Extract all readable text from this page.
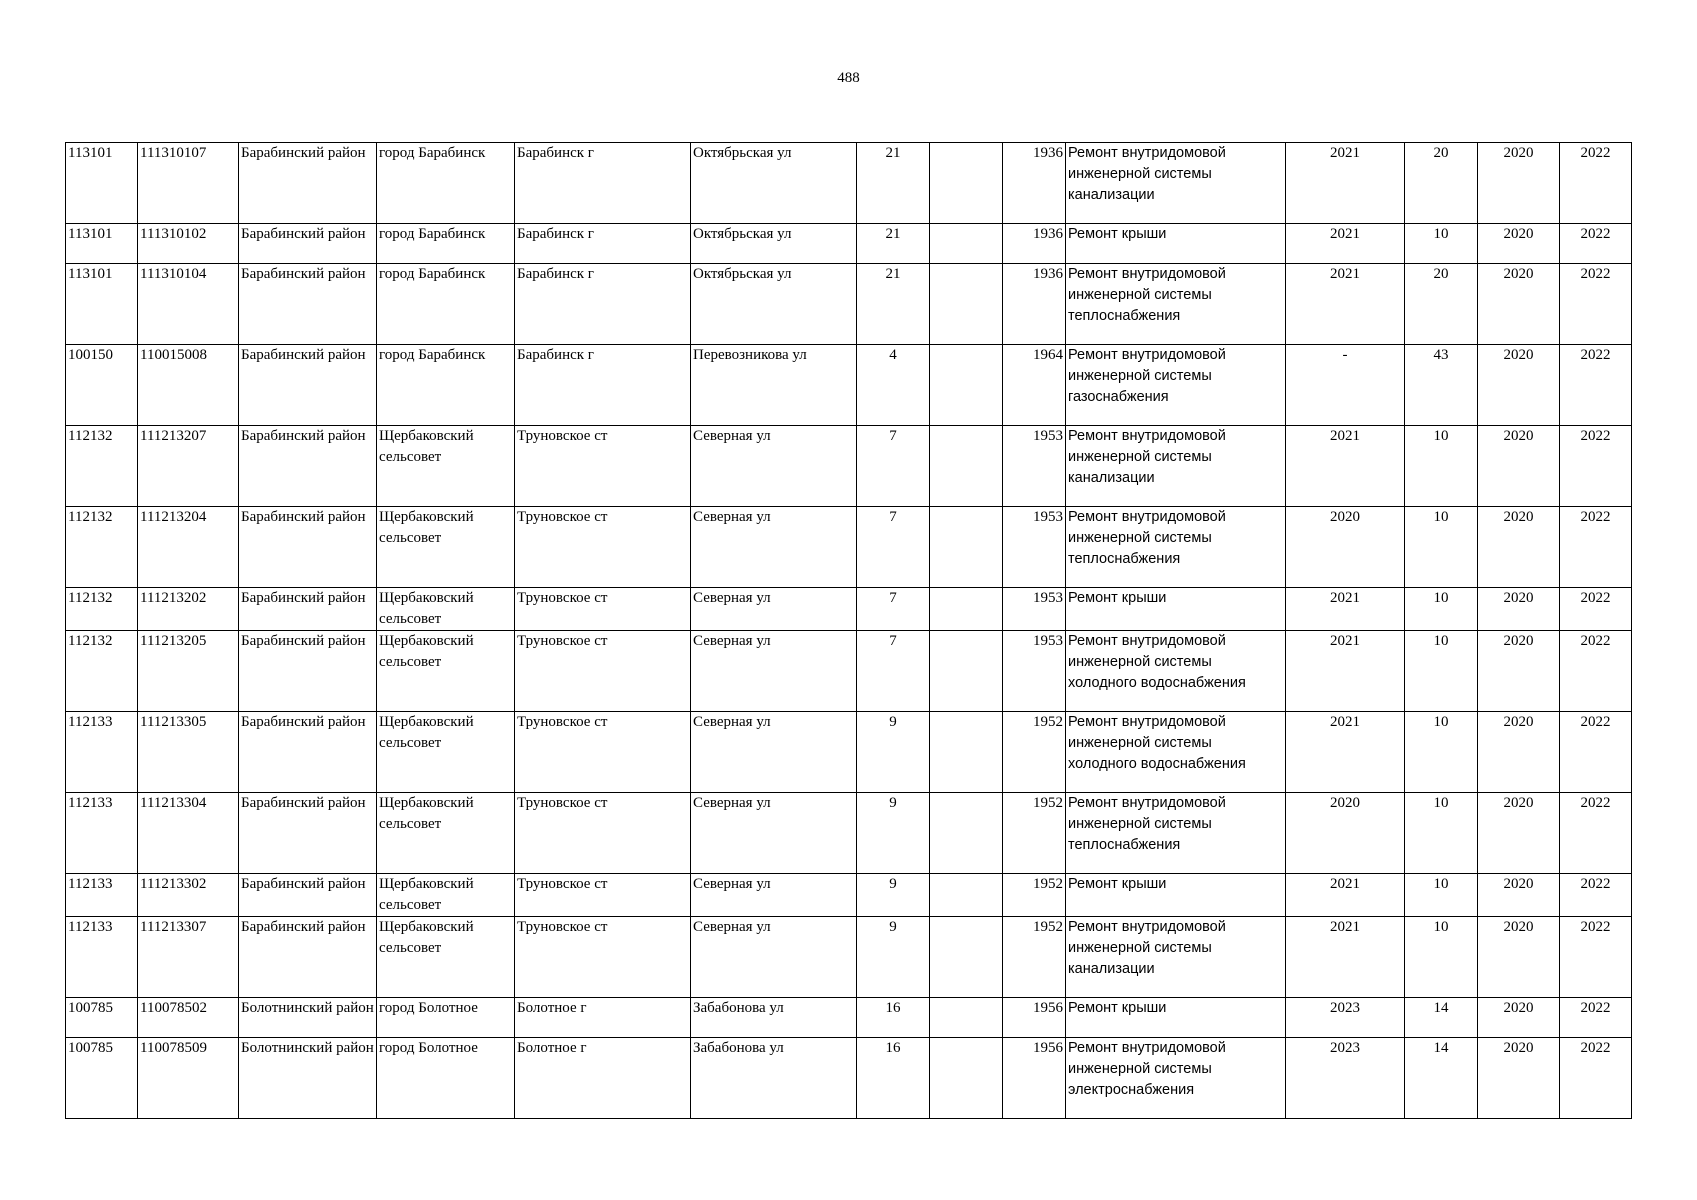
488
113101	111310107	Барабинский район	город Барабинск	Барабинск г	Октябрьская ул	21		1936	Ремонт внутридомовой инженерной системы канализации	2021	20	2020	2022
113101	111310102	Барабинский район	город Барабинск	Барабинск г	Октябрьская ул	21		1936	Ремонт крыши	2021	10	2020	2022
113101	111310104	Барабинский район	город Барабинск	Барабинск г	Октябрьская ул	21		1936	Ремонт внутридомовой инженерной системы теплоснабжения	2021	20	2020	2022
100150	110015008	Барабинский район	город Барабинск	Барабинск г	Перевозникова ул	4		1964	Ремонт внутридомовой инженерной системы газоснабжения	-	43	2020	2022
112132	111213207	Барабинский район	Щербаковский сельсовет	Труновское ст	Северная ул	7		1953	Ремонт внутридомовой инженерной системы канализации	2021	10	2020	2022
112132	111213204	Барабинский район	Щербаковский сельсовет	Труновское ст	Северная ул	7		1953	Ремонт внутридомовой инженерной системы теплоснабжения	2020	10	2020	2022
112132	111213202	Барабинский район	Щербаковский сельсовет	Труновское ст	Северная ул	7		1953	Ремонт крыши	2021	10	2020	2022
112132	111213205	Барабинский район	Щербаковский сельсовет	Труновское ст	Северная ул	7		1953	Ремонт внутридомовой инженерной системы холодного водоснабжения	2021	10	2020	2022
112133	111213305	Барабинский район	Щербаковский сельсовет	Труновское ст	Северная ул	9		1952	Ремонт внутридомовой инженерной системы холодного водоснабжения	2021	10	2020	2022
112133	111213304	Барабинский район	Щербаковский сельсовет	Труновское ст	Северная ул	9		1952	Ремонт внутридомовой инженерной системы теплоснабжения	2020	10	2020	2022
112133	111213302	Барабинский район	Щербаковский сельсовет	Труновское ст	Северная ул	9		1952	Ремонт крыши	2021	10	2020	2022
112133	111213307	Барабинский район	Щербаковский сельсовет	Труновское ст	Северная ул	9		1952	Ремонт внутридомовой инженерной системы канализации	2021	10	2020	2022
100785	110078502	Болотнинский район	город Болотное	Болотное г	Забабонова ул	16		1956	Ремонт крыши	2023	14	2020	2022
100785	110078509	Болотнинский район	город Болотное	Болотное г	Забабонова ул	16		1956	Ремонт внутридомовой инженерной системы электроснабжения	2023	14	2020	2022
